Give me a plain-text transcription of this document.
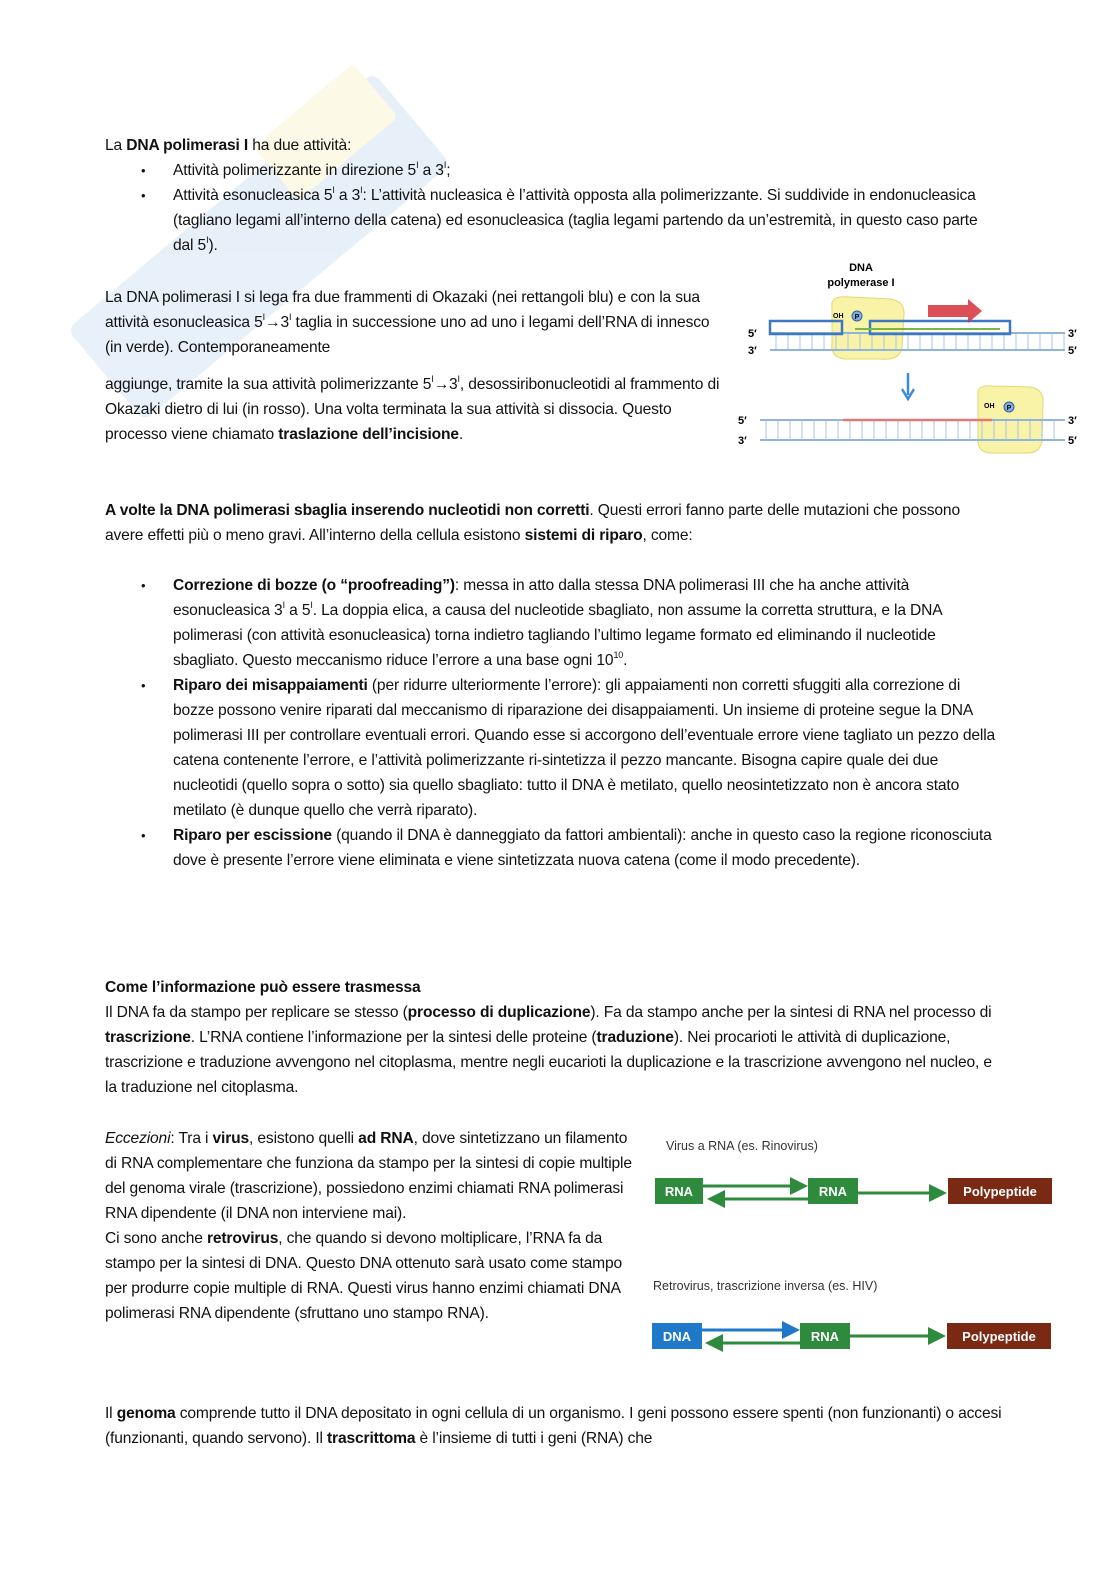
La DNA polimerasi I ha due attività:
• Attività polimerizzante in direzione $5^I$ a $3^I$;
• Attività esonucleasica $5^I$ a $3^I$: L’attività nucleasica è l’attività opposta alla polimerizzante. Si suddivide in endonucleasica (tagliano legami all’interno della catena) ed esonucleasica (taglia legami partendo da un’estremità, in questo caso parte dal $5^I$).
La DNA polimerasi I si lega fra due frammenti di Okazaki (nei rettangoli blu) e con la sua attività esonucleasica $5^I\to 3^I$ taglia in successione uno ad uno i legami dell’RNA di innesco (in verde). Contemporaneamente
aggiunge, tramite la sua attività polimerizzante $5^I\to 3^I$, desossiribonucleotidi al frammento di Okazaki dietro di lui (in rosso). Una volta terminata la sua attività si dissocia. Questo processo viene chiamato traslazione dell’incisione.
DNA
polymerase I
OH P
5′
3′
3′
5′
OH P
5′
3′
3′
5′
A volte la DNA polimerasi sbaglia inserendo nucleotidi non corretti. Questi errori fanno parte delle mutazioni che possono avere effetti più o meno gravi. All’interno della cellula esistono sistemi di riparo, come:
• Correzione di bozze (o “proofreading”): messa in atto dalla stessa DNA polimerasi III che ha anche attività esonucleasica $3^I$ a $5^I$. La doppia elica, a causa del nucleotide sbagliato, non assume la corretta struttura, e la DNA polimerasi (con attività esonucleasica) torna indietro tagliando l’ultimo legame formato ed eliminando il nucleotide sbagliato. Questo meccanismo riduce l’errore a una base ogni $10^{10}$.
• Riparo dei misappaiamenti (per ridurre ulteriormente l’errore): gli appaiamenti non corretti sfuggiti alla correzione di bozze possono venire riparati dal meccanismo di riparazione dei disappaiamenti. Un insieme di proteine segue la DNA polimerasi III per controllare eventuali errori. Quando esse si accorgono dell’eventuale errore viene tagliato un pezzo della catena contenente l’errore, e l’attività polimerizzante ri-sintetizza il pezzo mancante. Bisogna capire quale dei due nucleotidi (quello sopra o sotto) sia quello sbagliato: tutto il DNA è metilato, quello neosintetizzato non è ancora stato metilato (è dunque quello che verrà riparato).
• Riparo per escissione (quando il DNA è danneggiato da fattori ambientali): anche in questo caso la regione riconosciuta dove è presente l’errore viene eliminata e viene sintetizzata nuova catena (come il modo precedente).
Come l’informazione può essere trasmessa
Il DNA fa da stampo per replicare se stesso (processo di duplicazione). Fa da stampo anche per la sintesi di RNA nel processo di trascrizione. L’RNA contiene l’informazione per la sintesi delle proteine (traduzione). Nei procarioti le attività di duplicazione, trascrizione e traduzione avvengono nel citoplasma, mentre negli eucarioti la duplicazione e la trascrizione avvengono nel nucleo, e la traduzione nel citoplasma.
Eccezioni: Tra i virus, esistono quelli ad RNA, dove sintetizzano un filamento di RNA complementare che funziona da stampo per la sintesi di copie multiple del genoma virale (trascrizione), possiedono enzimi chiamati RNA polimerasi RNA dipendente (il DNA non interviene mai).
Ci sono anche retrovirus, che quando si devono moltiplicare, l’RNA fa da stampo per la sintesi di DNA. Questo DNA ottenuto sarà usato come stampo per produrre copie multiple di RNA. Questi virus hanno enzimi chiamati DNA polimerasi RNA dipendente (sfruttano uno stampo RNA).
Virus a RNA (es. Rinovirus)
RNA	RNA	Polypeptide
Retrovirus, trascrizione inversa (es. HIV)
DNA	RNA	Polypeptide
Il genoma comprende tutto il DNA depositato in ogni cellula di un organismo. I geni possono essere spenti (non funzionanti) o accesi (funzionanti, quando servono). Il trascrittoma è l’insieme di tutti i geni (RNA) che
